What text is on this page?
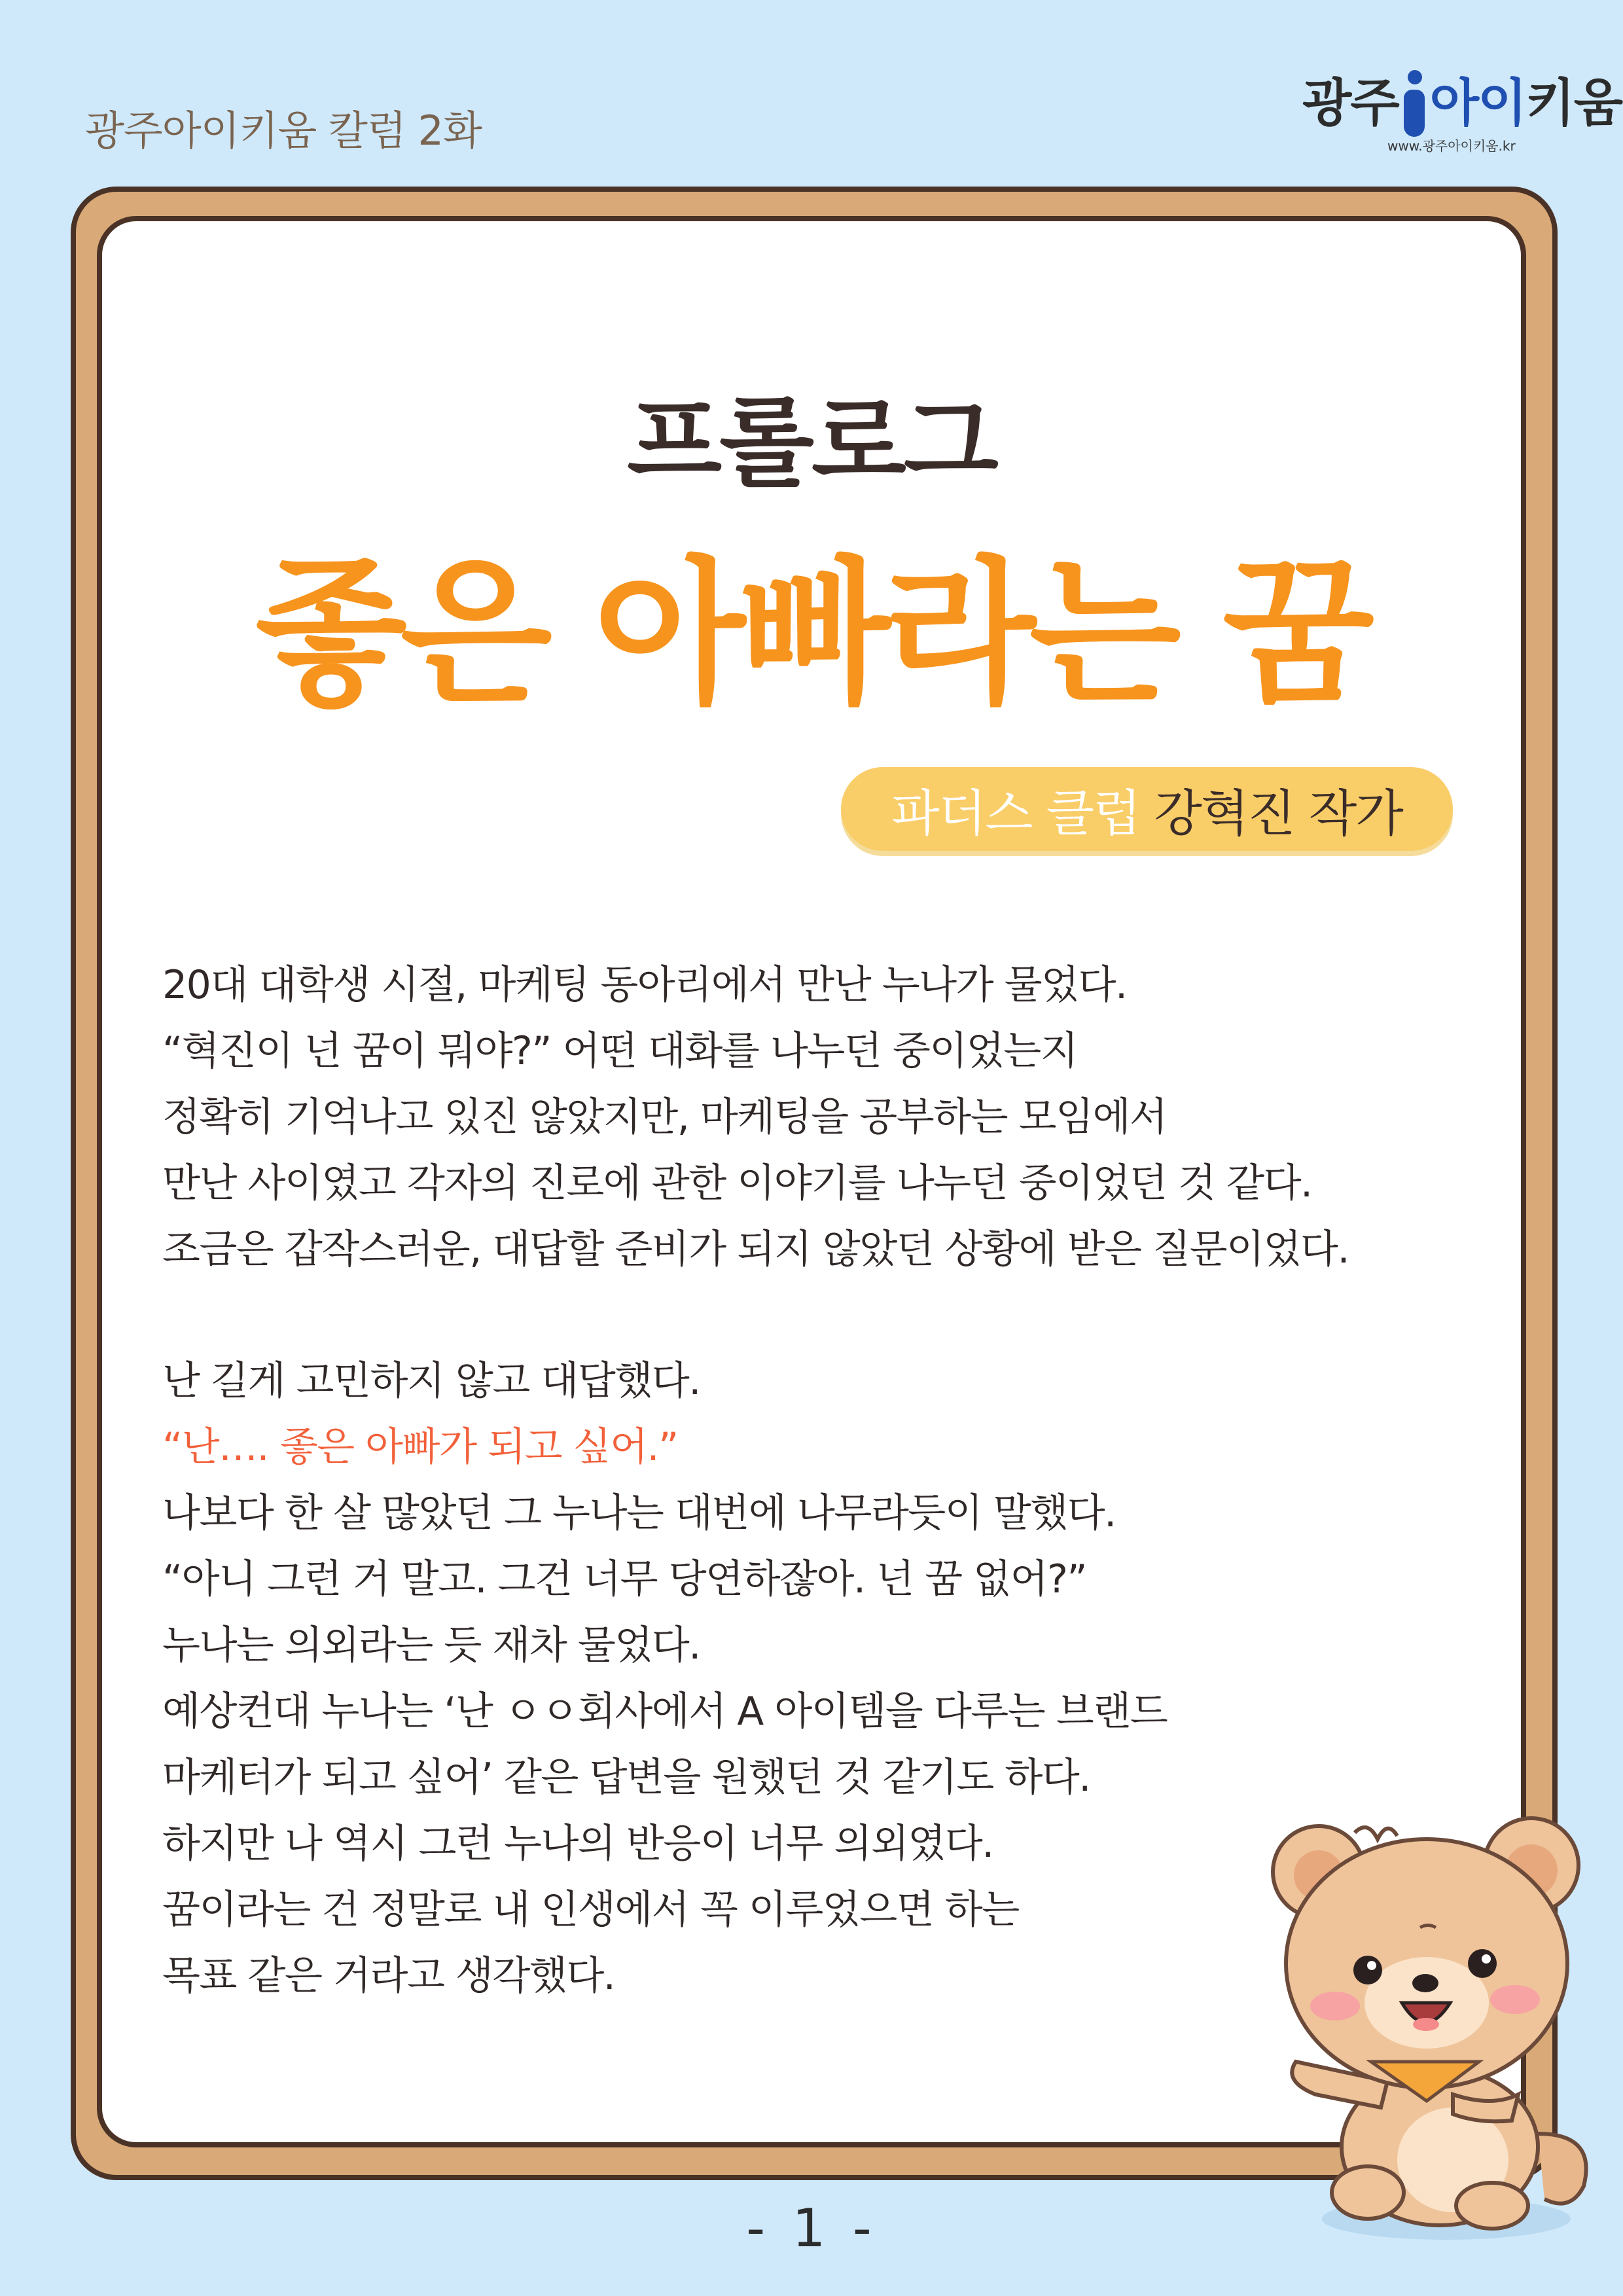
광주아이키움 칼럼 2화	광주 아이 키움
www.광주아이키움.kr
프롤로그
좋은 아빠라는 꿈
파더스 클럽 강혁진 작가
20대 대학생 시절, 마케팅 동아리에서 만난 누나가 물었다.
“혁진이 넌 꿈이 뭐야?” 어떤 대화를 나누던 중이었는지
정확히 기억나고 있진 않았지만, 마케팅을 공부하는 모임에서
만난 사이였고 각자의 진로에 관한 이야기를 나누던 중이었던 것 같다.
조금은 갑작스러운, 대답할 준비가 되지 않았던 상황에 받은 질문이었다.
난 길게 고민하지 않고 대답했다.
“난…. 좋은 아빠가 되고 싶어.”
나보다 한 살 많았던 그 누나는 대번에 나무라듯이 말했다.
“아니 그런 거 말고. 그건 너무 당연하잖아. 넌 꿈 없어?”
누나는 의외라는 듯 재차 물었다.
예상컨대 누나는 ‘난 ㅇㅇ회사에서 A 아이템을 다루는 브랜드
마케터가 되고 싶어’ 같은 답변을 원했던 것 같기도 하다.
하지만 나 역시 그런 누나의 반응이 너무 의외였다.
꿈이라는 건 정말로 내 인생에서 꼭 이루었으면 하는
목표 같은 거라고 생각했다.
- 1 -
